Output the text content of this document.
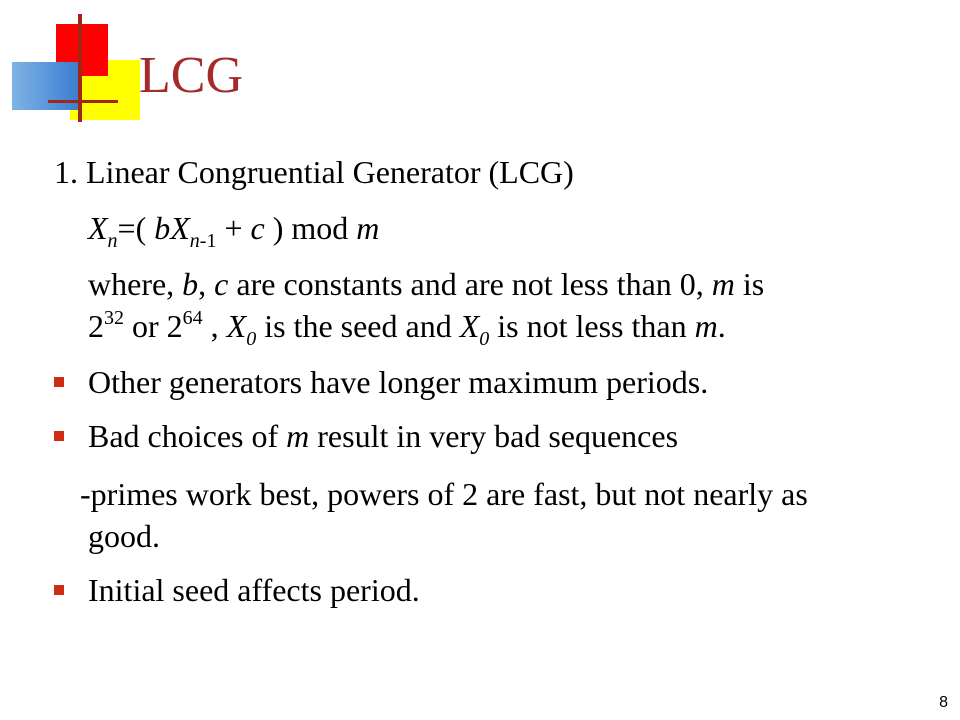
LCG

1. Linear Congruential Generator (LCG)

$X_n=$( $bX_{n-1} + c$ ) mod m

where, b, c are constants and are not less than 0, m is

$2^{32}$ or $2^{64}$ , $X_0$ is the seed and $X_0$ is not less than m.

Other generators have longer maximum periods.

Bad choices of m result in very bad sequences

-primes work best, powers of 2 are fast, but not nearly as

good.

Initial seed affects period.

8
